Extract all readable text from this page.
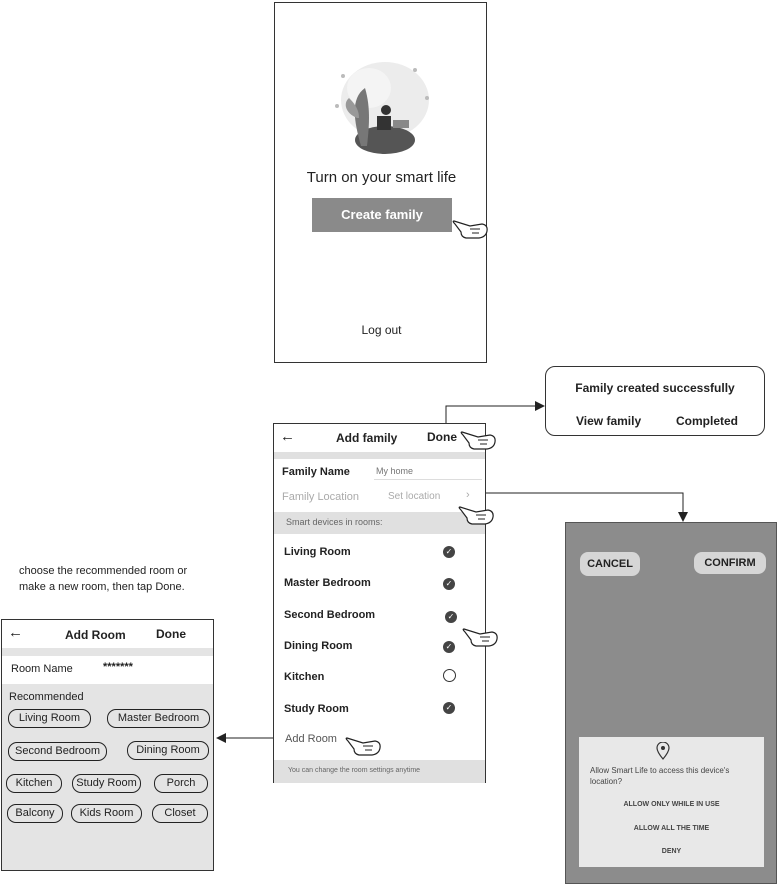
Turn on your smart life
Create family
Log out
Family created successfully
View family	Completed
←	Add family Done
Family Name
My home
Family Location	Set location ›
Smart devices in rooms:
Living Room	✓
Master Bedroom	✓
Second Bedroom	✓
Dining Room	✓
Kitchen
Study Room	✓
Add Room
You can change the room settings anytime
choose the recommended room or make a new room, then tap Done.
←	Add Room	Done
Room Name	*******
Recommended
Living Room	Master Bedroom
Second Bedroom	Dining Room
Kitchen	Study Room	Porch
Balcony	Kids Room	Closet
CANCEL	CONFIRM
Allow Smart Life to access this device's location?
ALLOW ONLY WHILE IN USE
ALLOW ALL THE TIME
DENY
